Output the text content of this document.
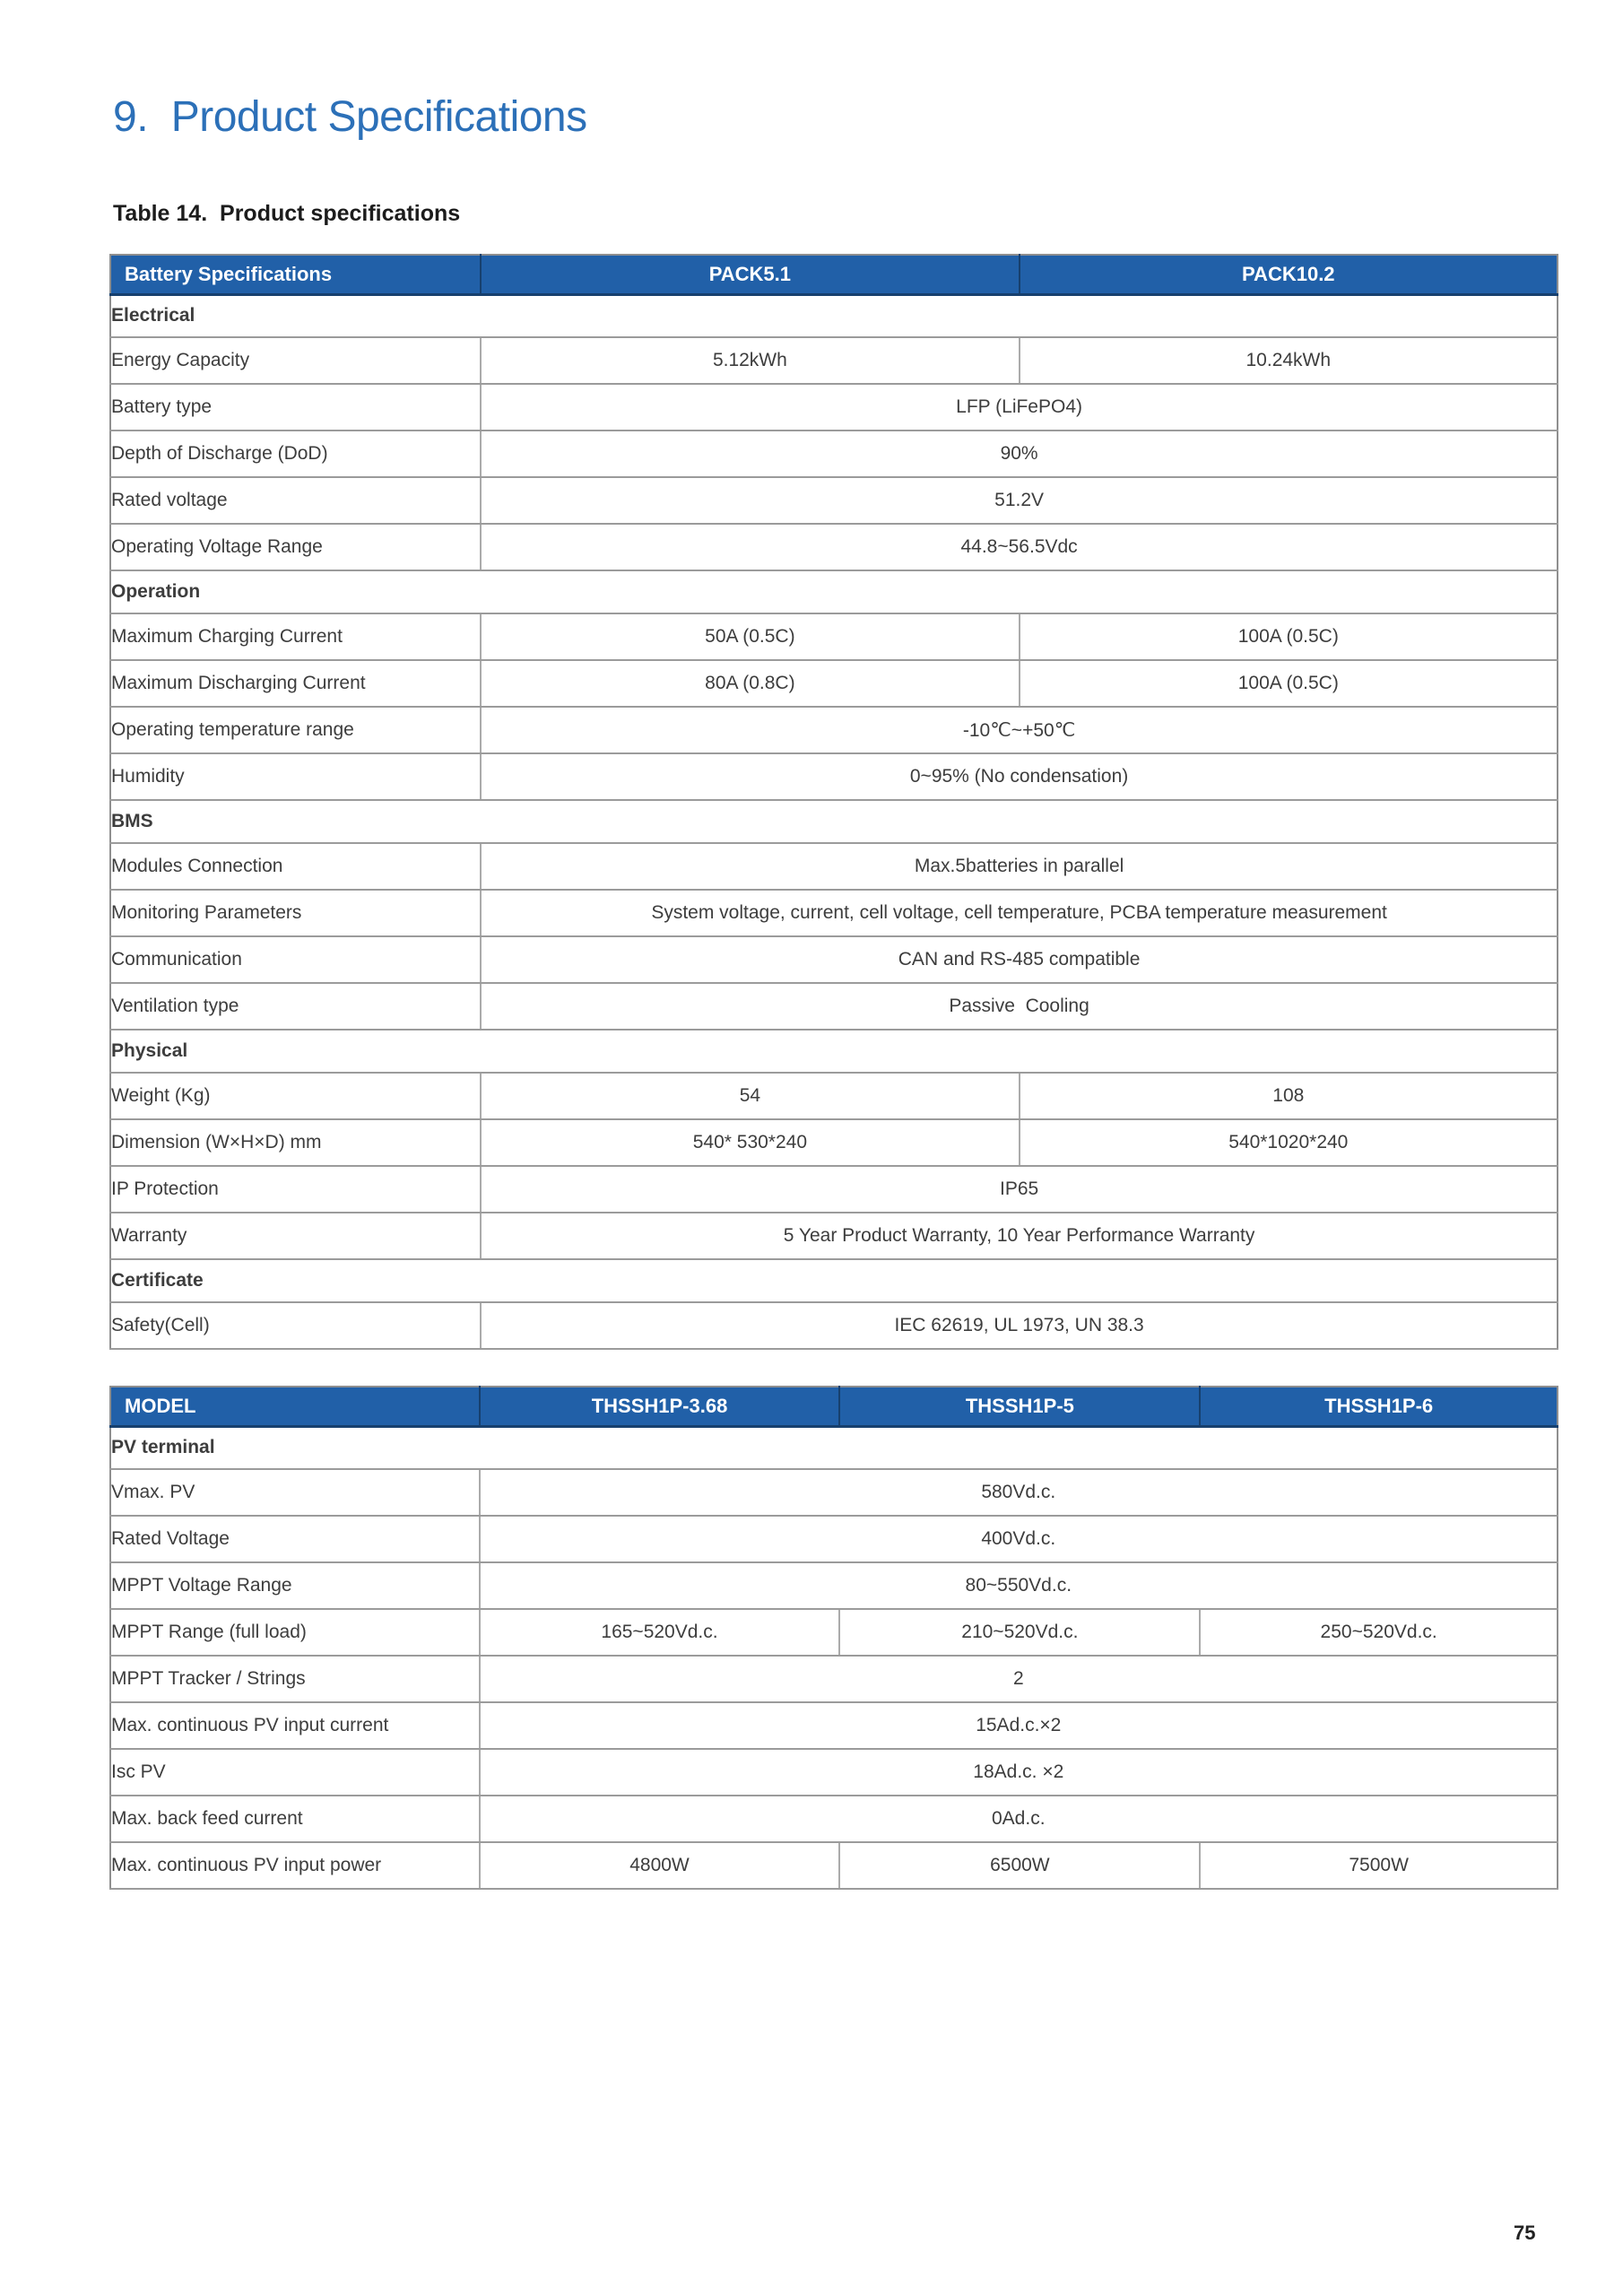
9.  Product Specifications
Table 14.  Product specifications
Battery Specifications	PACK5.1	PACK10.2
Electrical		
Energy Capacity	5.12kWh	10.24kWh
Battery type	LFP (LiFePO4)	
Depth of Discharge (DoD)	90%	
Rated voltage	51.2V	
Operating Voltage Range	44.8~56.5Vdc	
Operation		
Maximum Charging Current	50A (0.5C)	100A (0.5C)
Maximum Discharging Current	80A (0.8C)	100A (0.5C)
Operating temperature range	-10℃~+50℃	
Humidity	0~95% (No condensation)	
BMS		
Modules Connection	Max.5batteries in parallel	
Monitoring Parameters	System voltage, current, cell voltage, cell temperature, PCBA temperature measurement	
Communication	CAN and RS-485 compatible	
Ventilation type	Passive  Cooling	
Physical		
Weight (Kg)	54	108
Dimension (W×H×D) mm	540* 530*240	540*1020*240
IP Protection	IP65	
Warranty	5 Year Product Warranty, 10 Year Performance Warranty	
Certificate		
Safety(Cell)	IEC 62619, UL 1973, UN 38.3	
MODEL	THSSH1P-3.68	THSSH1P-5	THSSH1P-6
PV terminal			
Vmax. PV	580Vd.c.		
Rated Voltage	400Vd.c.		
MPPT Voltage Range	80~550Vd.c.		
MPPT Range (full load)	165~520Vd.c.	210~520Vd.c.	250~520Vd.c.
MPPT Tracker / Strings	2		
Max. continuous PV input current	15Ad.c.×2		
Isc PV	18Ad.c. ×2		
Max. back feed current	0Ad.c.		
Max. continuous PV input power	4800W	6500W	7500W
75
